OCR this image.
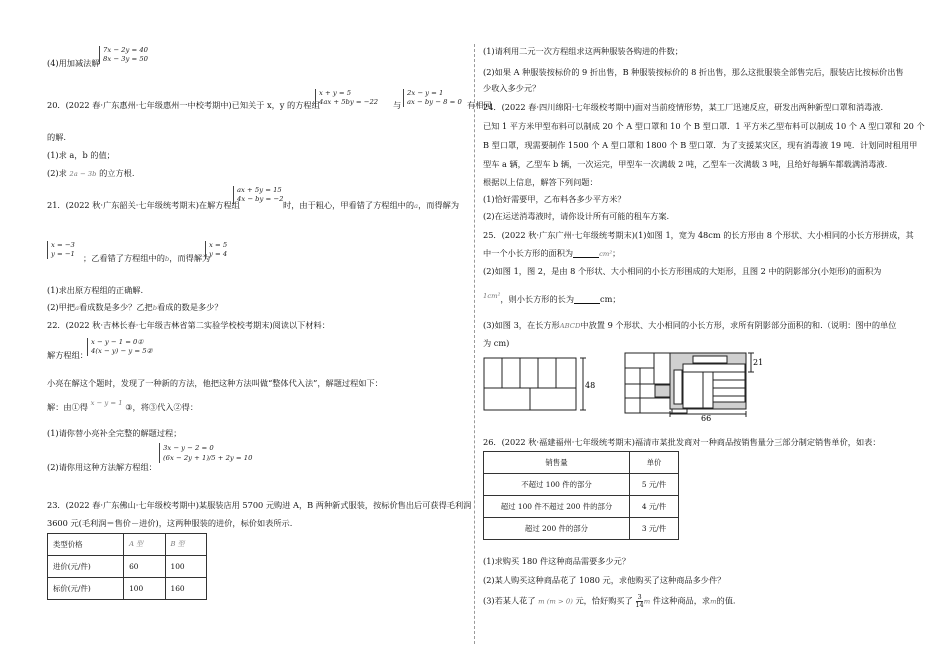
(4)用加减法解
7x − 2y = 40
8x − 3y = 50
20．(2022 春·广东惠州·七年级惠州一中校考期中)已知关于 x，y 的方程组
x + y = 5
4ax + 5by = −22 与
2x − y = 1
ax − by − 8 = 0 有相同
的解.
(1)求 a，b 的值；
(2)求 2a − 3b 的立方根.
21．(2022 秋·广东韶关·七年级统考期末)在解方程组
ax + 5y = 15
4x − by = −2
时，由于粗心，甲看错了方程组中的a，而得解为
x = −3
y = −1 ；乙看错了方程组中的b，而得解为
x = 5
y = 4
(1)求出原方程组的正确解.
(2)甲把a看成数是多少？乙把b看成的数是多少？
22．(2022 秋·吉林长春·七年级吉林省第二实验学校校考期末)阅读以下材料：
解方程组：
x − y − 1 = 0①
4(x − y) − y = 5②
小亮在解这个题时，发现了一种新的方法，他把这种方法叫做“整体代入法”，解题过程如下：
解：由①得 $^{x - y = 1}$ ③，将③代入②得：
(1)请你替小亮补全完整的解题过程；
(2)请你用这种方法解方程组：
3x − y − 2 = 0
(6x − 2y + 1)/5 + 2y = 10
23．(2022 春·广东佛山·七年级校考期中)某服装店用 5700 元购进 A，B 两种新式服装，按标价售出后可获得毛利润
3600 元(毛利润＝售价－进价)，这两种服装的进价，标价如表所示.
类型价格	A 型	B 型
进价(元/件)	60	100
标价(元/件)	100	160
(1)请利用二元一次方程组求这两种服装各购进的件数；
(2)如果 A 种服装按标价的 9 折出售，B 种服装按标价的 8 折出售，那么这批服装全部售完后，服装店比按标价出售
少收入多少元？
24．(2022 春·四川绵阳·七年级校考期中)面对当前疫情形势，某工厂迅速反应，研发出两种新型口罩和消毒液.
已知 1 平方米甲型布料可以制成 20 个 A 型口罩和 10 个 B 型口罩．1 平方米乙型布料可以制成 10 个 A 型口罩和 20 个
B 型口罩，现需要制作 1500 个 A 型口罩和 1800 个 B 型口罩．为了支援某灾区，现有消毒液 19 吨．计划同时租用甲
型车 a 辆，乙型车 b 辆，一次运完，甲型车一次满载 2 吨，乙型车一次满载 3 吨，且给好每辆车都载满消毒液.
根据以上信息，解答下列问题：
(1)恰好需要甲，乙布料各多少平方米？
(2)在运送消毒液时，请你设计所有可能的租车方案.
25．(2022 秋·广东广州·七年级统考期末)(1)如图 1，宽为 48cm 的长方形由 8 个形状、大小相同的小长方形拼成，其
中一个小长方形的面积为	cm²；
(2)如图 1，图 2，是由 8 个形状、大小相同的小长方形围成的大矩形，且图 2 中的阴影部分(小矩形)的面积为
$^{1cm^2}$，则小长方形的长为	cm；
(3)如图 3，在长方形ABCD中放置 9 个形状、大小相同的小长方形，求所有阴影部分面积的和.（说明：图中的单位
为 cm)
48
21
66
26．(2022 秋·福建福州·七年级统考期末)福清市某批发商对一种商品按销售量分三部分制定销售单价，如表：
销售量	单价
不超过 100 件的部分	5 元/件
超过 100 件不超过 200 件的部分	4 元/件
超过 200 件的部分	3 元/件
(1)求购买 180 件这种商品需要多少元？
(2)某人购买这种商品花了 1080 元，求他购买了这种商品多少件？
(3)若某人花了 m (m > 0) 元，恰好购买了 $\frac{3}{14}$ m 件这种商品，求m的值.
